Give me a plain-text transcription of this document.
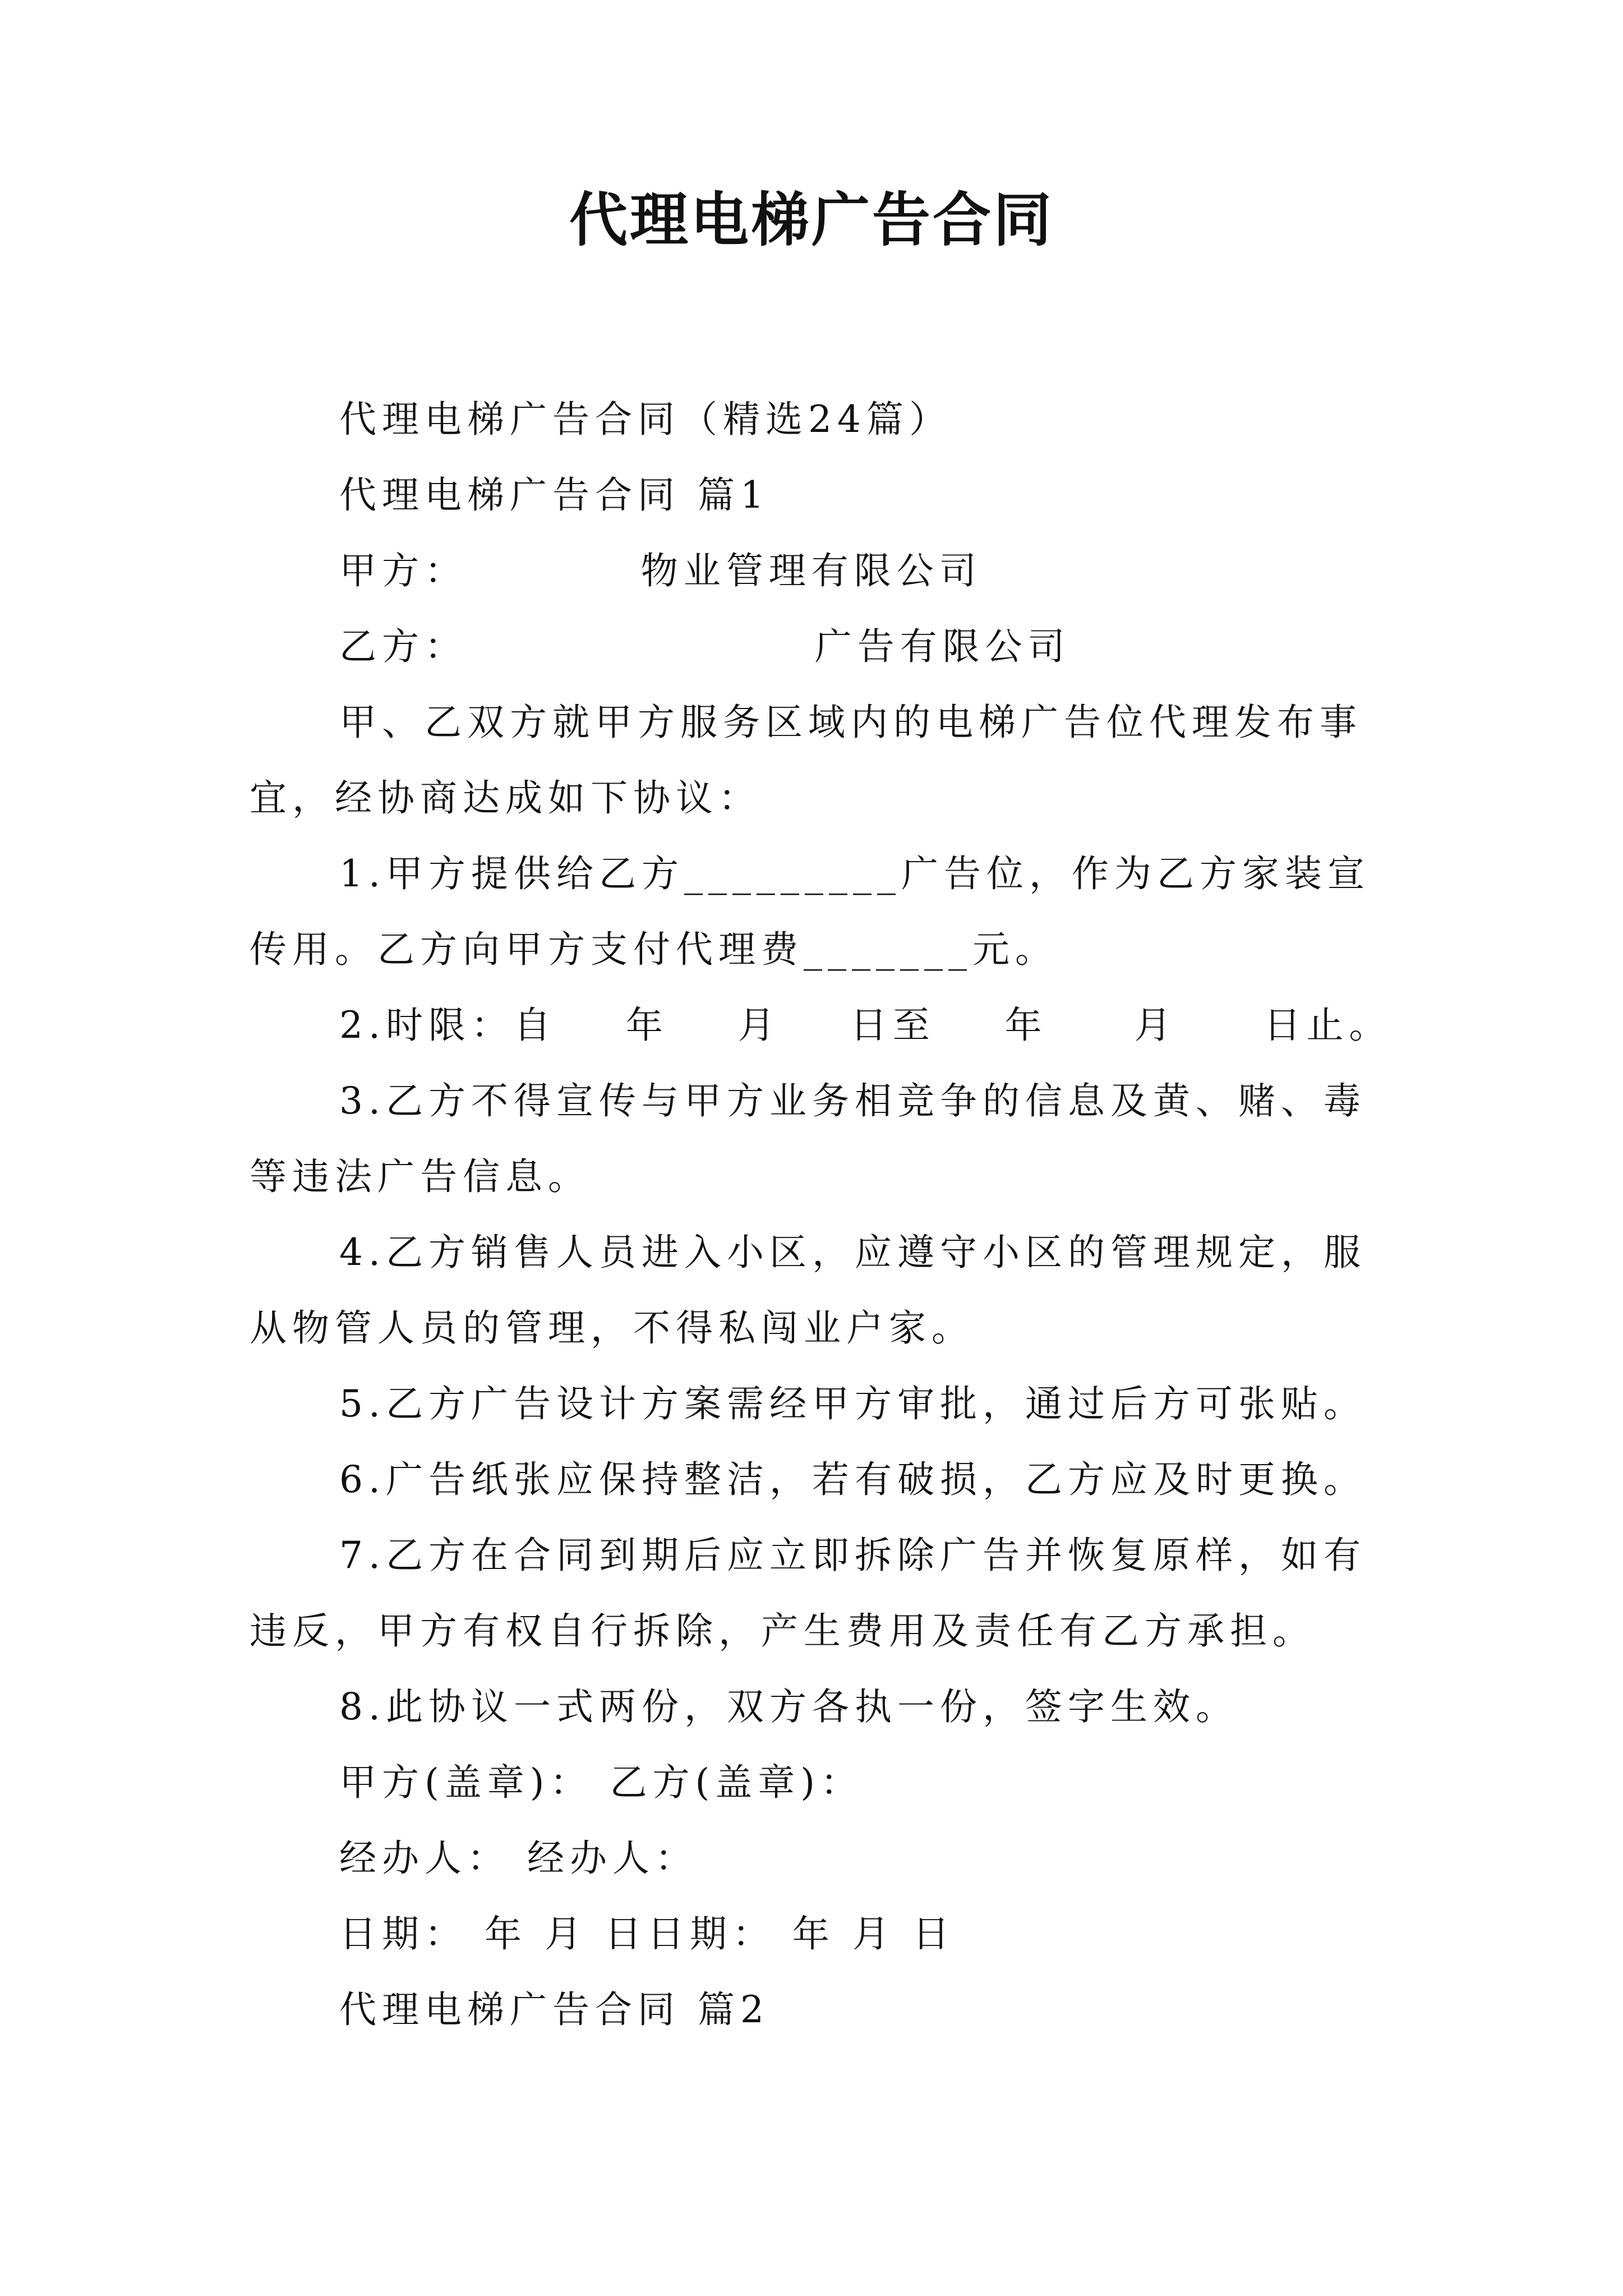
代理电梯广告合同

代理电梯广告合同（精选24篇）

代理电梯广告合同 篇1

甲方：          物业管理有限公司

乙方：                    广告有限公司

甲、乙双方就甲方服务区域内的电梯广告位代理发布事宜，经协商达成如下协议：

1.甲方提供给乙方_________广告位，作为乙方家装宣传用。乙方向甲方支付代理费_______元。

2.时限：自    年    月    日至    年     月     日止。

3.乙方不得宣传与甲方业务相竞争的信息及黄、赌、毒等违法广告信息。

4.乙方销售人员进入小区，应遵守小区的管理规定，服从物管人员的管理，不得私闯业户家。

5.乙方广告设计方案需经甲方审批，通过后方可张贴。

6.广告纸张应保持整洁，若有破损，乙方应及时更换。

7.乙方在合同到期后应立即拆除广告并恢复原样，如有违反，甲方有权自行拆除，产生费用及责任有乙方承担。

8.此协议一式两份，双方各执一份，签字生效。

甲方(盖章)： 乙方(盖章)：

经办人： 经办人：

日期： 年 月 日日期： 年 月 日

代理电梯广告合同 篇2
